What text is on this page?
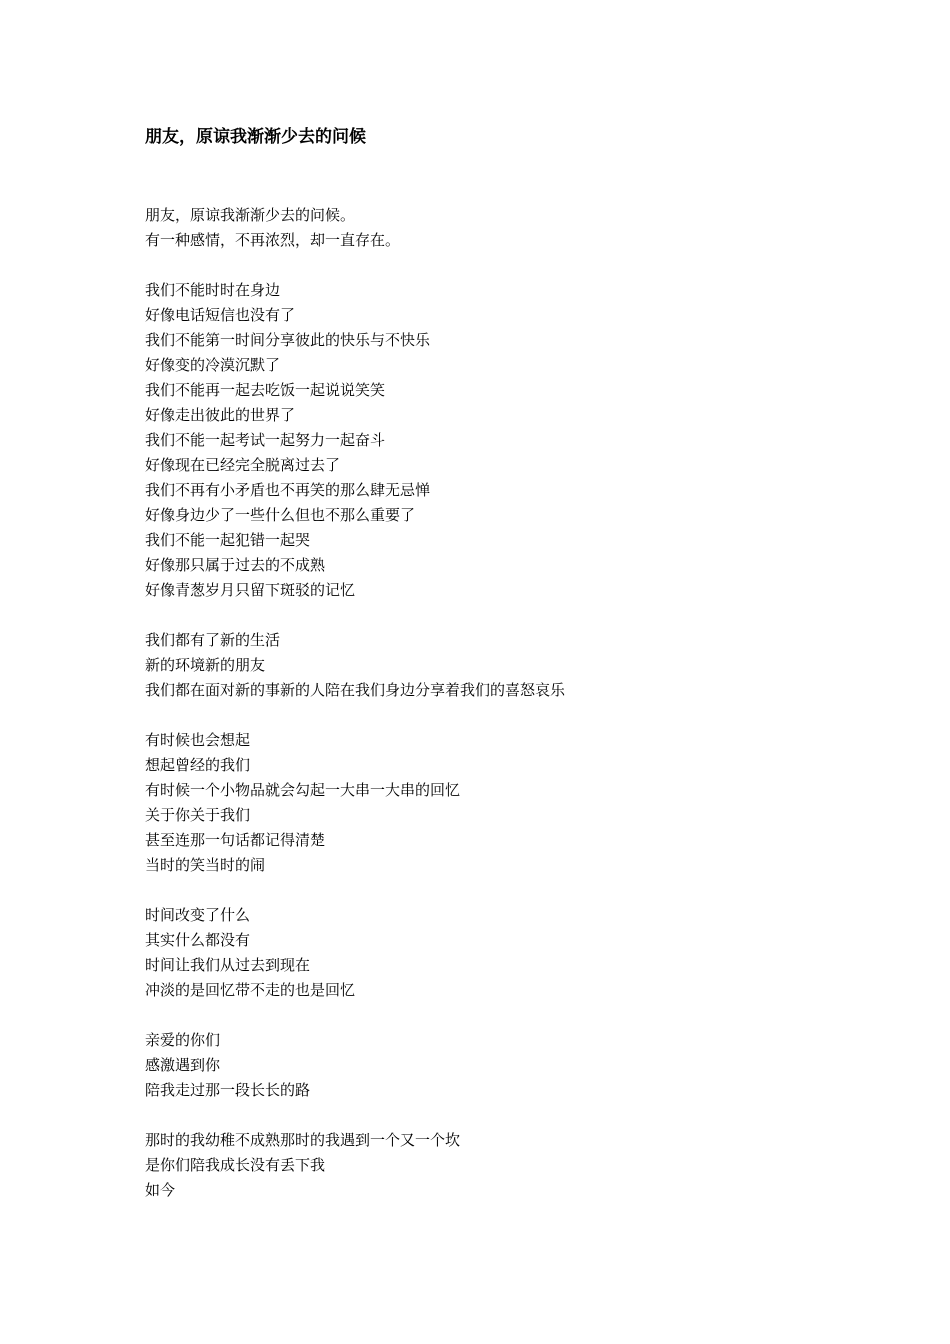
朋友，原谅我渐渐少去的问候
朋友，原谅我渐渐少去的问候。
有一种感情，不再浓烈，却一直存在。
我们不能时时在身边
好像电话短信也没有了
我们不能第一时间分享彼此的快乐与不快乐
好像变的冷漠沉默了
我们不能再一起去吃饭一起说说笑笑
好像走出彼此的世界了
我们不能一起考试一起努力一起奋斗
好像现在已经完全脱离过去了
我们不再有小矛盾也不再笑的那么肆无忌惮
好像身边少了一些什么但也不那么重要了
我们不能一起犯错一起哭
好像那只属于过去的不成熟
好像青葱岁月只留下斑驳的记忆
我们都有了新的生活
新的环境新的朋友
我们都在面对新的事新的人陪在我们身边分享着我们的喜怒哀乐
有时候也会想起
想起曾经的我们
有时候一个小物品就会勾起一大串一大串的回忆
关于你关于我们
甚至连那一句话都记得清楚
当时的笑当时的闹
时间改变了什么
其实什么都没有
时间让我们从过去到现在
冲淡的是回忆带不走的也是回忆
亲爱的你们
感激遇到你
陪我走过那一段长长的路
那时的我幼稚不成熟那时的我遇到一个又一个坎
是你们陪我成长没有丢下我
如今
